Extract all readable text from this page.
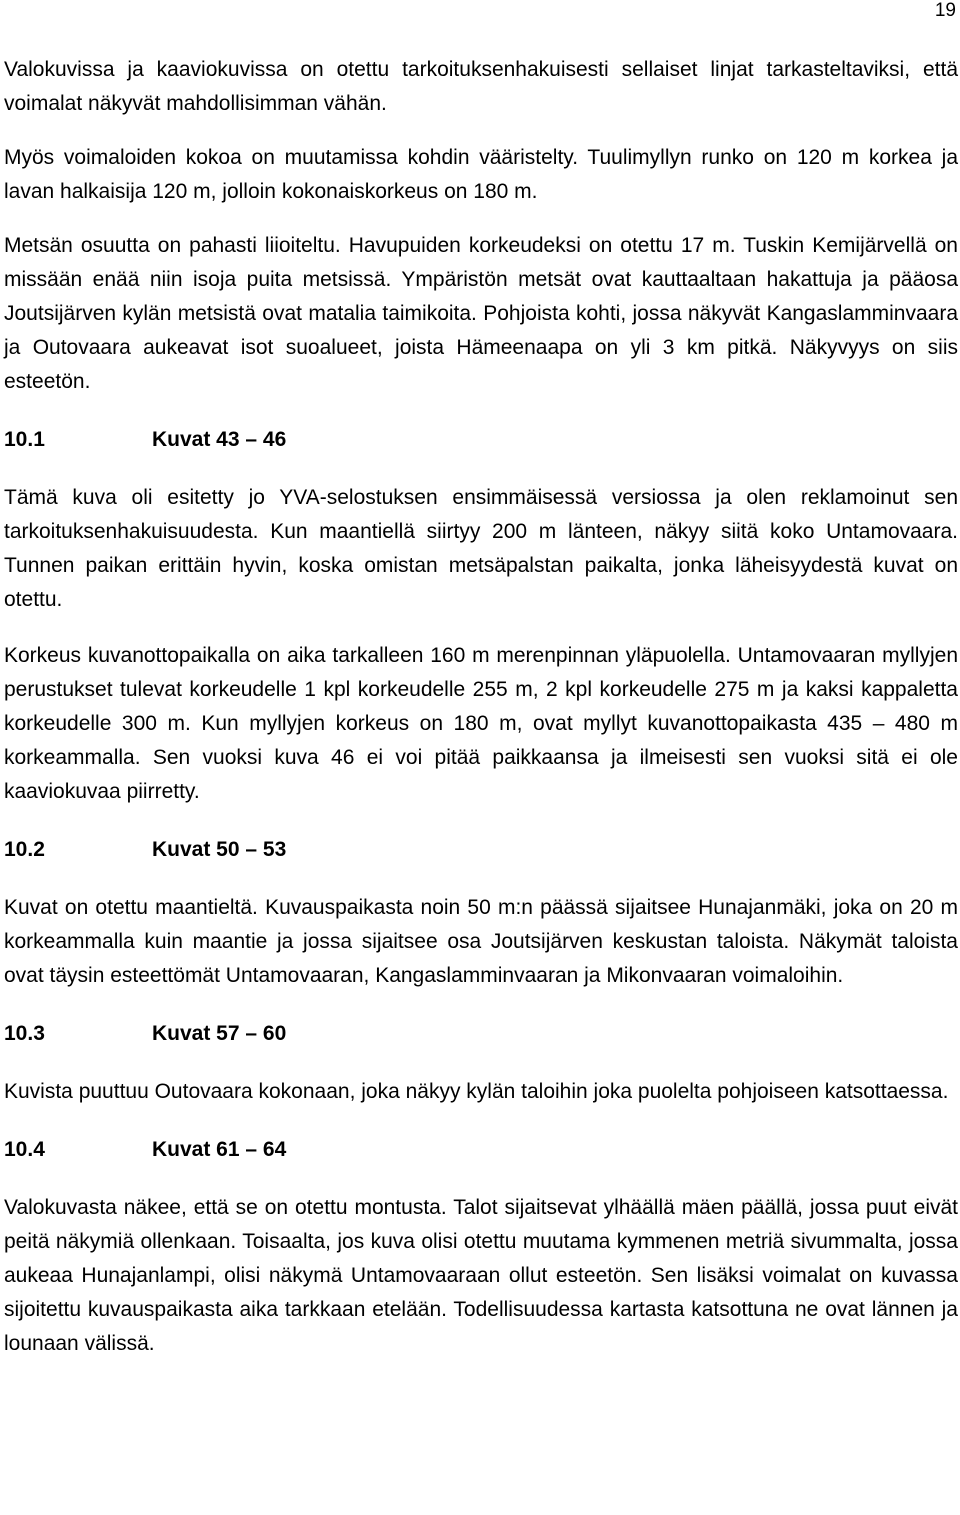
19

Valokuvissa ja kaaviokuvissa on otettu tarkoituksenhakuisesti sellaiset linjat tarkasteltaviksi, että voimalat näkyvät mahdollisimman vähän.

Myös voimaloiden kokoa on muutamissa kohdin vääristelty. Tuulimyllyn runko on 120 m korkea ja lavan halkaisija 120 m, jolloin kokonaiskorkeus on 180 m.

Metsän osuutta on pahasti liioiteltu. Havupuiden korkeudeksi on otettu 17 m. Tuskin Kemijärvellä on missään enää niin isoja puita metsissä. Ympäristön metsät ovat kauttaaltaan hakattuja ja pääosa Joutsijärven kylän metsistä ovat matalia taimikoita. Pohjoista kohti, jossa näkyvät Kangaslamminvaara ja Outovaara aukeavat isot suoalueet, joista Hämeenaapa on yli 3 km pitkä. Näkyvyys on siis esteetön.

10.1	Kuvat 43 – 46

Tämä kuva oli esitetty jo YVA-selostuksen ensimmäisessä versiossa ja olen reklamoinut sen tarkoituksenhakuisuudesta. Kun maantiellä siirtyy 200 m länteen, näkyy siitä koko Untamovaara. Tunnen paikan erittäin hyvin, koska omistan metsäpalstan paikalta, jonka läheisyydestä kuvat on otettu.

Korkeus kuvanottopaikalla on aika tarkalleen 160 m merenpinnan yläpuolella. Untamovaaran myllyjen perustukset tulevat korkeudelle 1 kpl korkeudelle 255 m, 2 kpl korkeudelle 275 m ja kaksi kappaletta korkeudelle 300 m. Kun myllyjen korkeus on 180 m, ovat myllyt kuvanottopaikasta 435 – 480 m korkeammalla. Sen vuoksi kuva 46 ei voi pitää paikkaansa ja ilmeisesti sen vuoksi sitä ei ole kaaviokuvaa piirretty.

10.2	Kuvat 50 – 53

Kuvat on otettu maantieltä. Kuvauspaikasta noin 50 m:n päässä sijaitsee Hunajanmäki, joka on 20 m korkeammalla kuin maantie ja jossa sijaitsee osa Joutsijärven keskustan taloista. Näkymät taloista ovat täysin esteettömät Untamovaaran, Kangaslamminvaaran ja Mikonvaaran voimaloihin.

10.3	Kuvat 57 – 60

Kuvista puuttuu Outovaara kokonaan, joka näkyy kylän taloihin joka puolelta pohjoiseen katsottaessa.

10.4	Kuvat 61 – 64

Valokuvasta näkee, että se on otettu montusta. Talot sijaitsevat ylhäällä mäen päällä, jossa puut eivät peitä näkymiä ollenkaan. Toisaalta, jos kuva olisi otettu muutama kymmenen metriä sivummalta, jossa aukeaa Hunajanlampi, olisi näkymä Untamovaaraan ollut esteetön. Sen lisäksi voimalat on kuvassa sijoitettu kuvauspaikasta aika tarkkaan etelään. Todellisuudessa kartasta katsottuna ne ovat lännen ja lounaan välissä.
